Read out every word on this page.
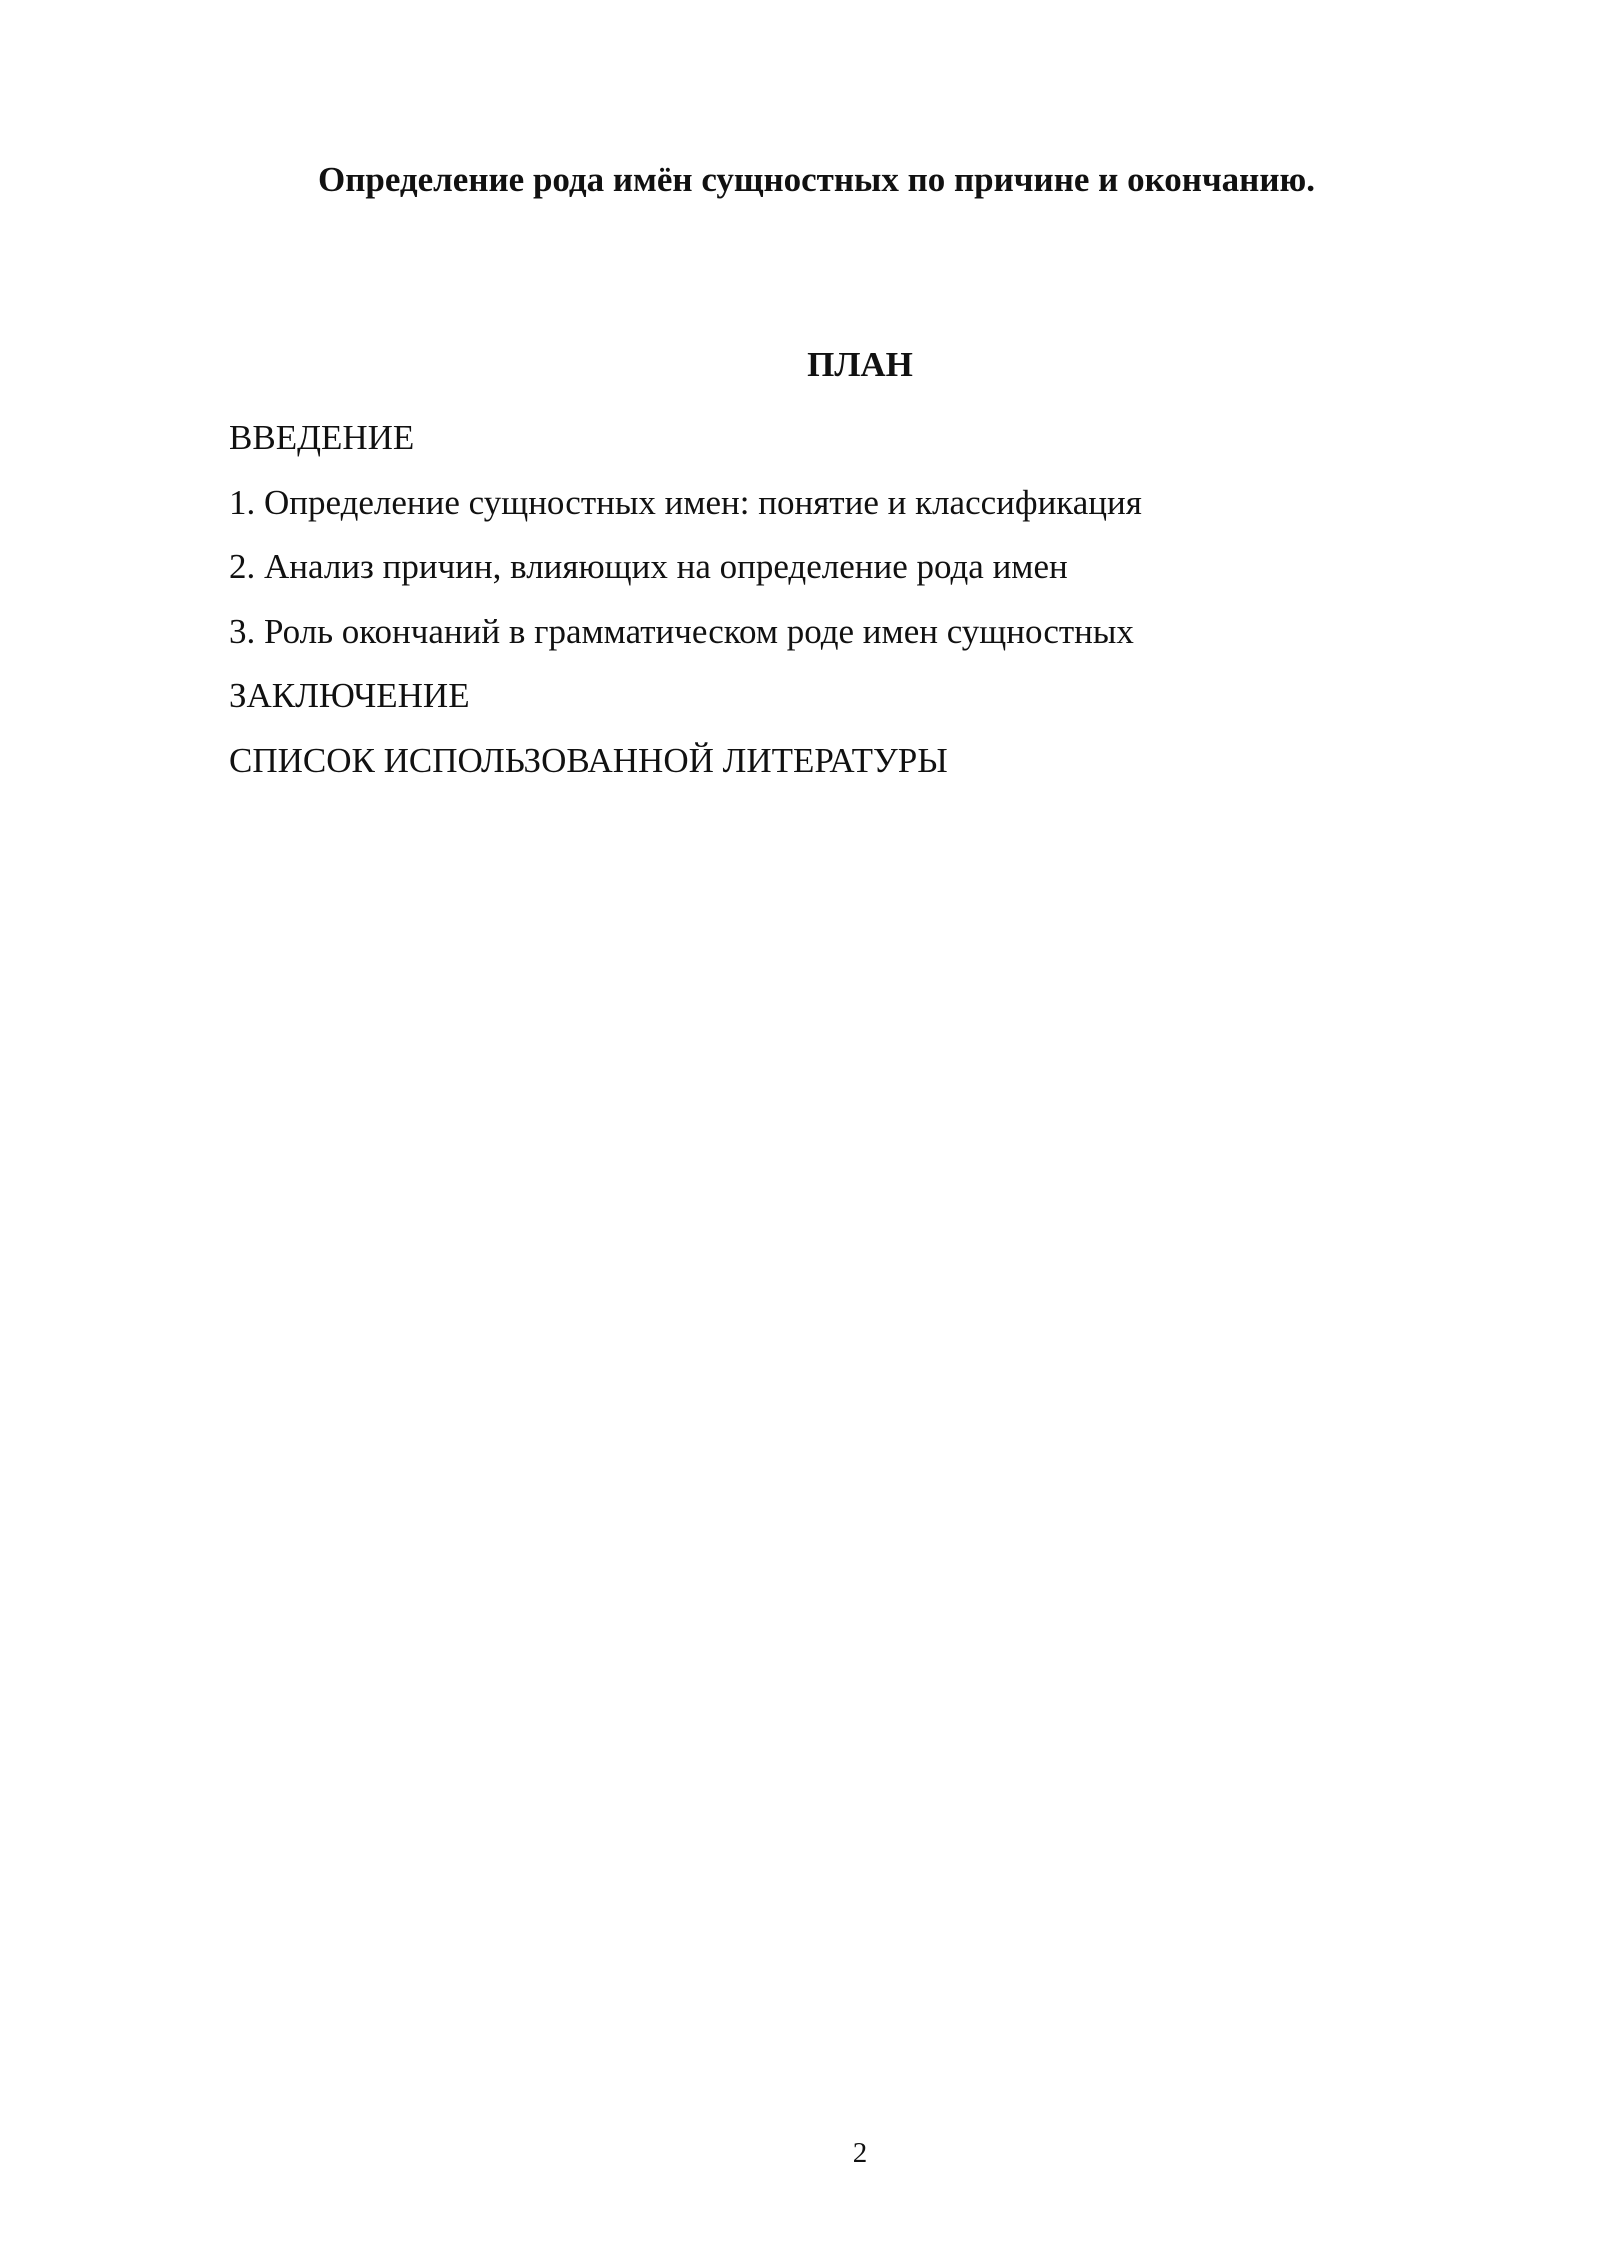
Определение рода имён сущностных по причине и окончанию.
ПЛАН
ВВЕДЕНИЕ
1. Определение сущностных имен: понятие и классификация
2. Анализ причин, влияющих на определение рода имен
3. Роль окончаний в грамматическом роде имен сущностных
ЗАКЛЮЧЕНИЕ
СПИСОК ИСПОЛЬЗОВАННОЙ ЛИТЕРАТУРЫ

2
